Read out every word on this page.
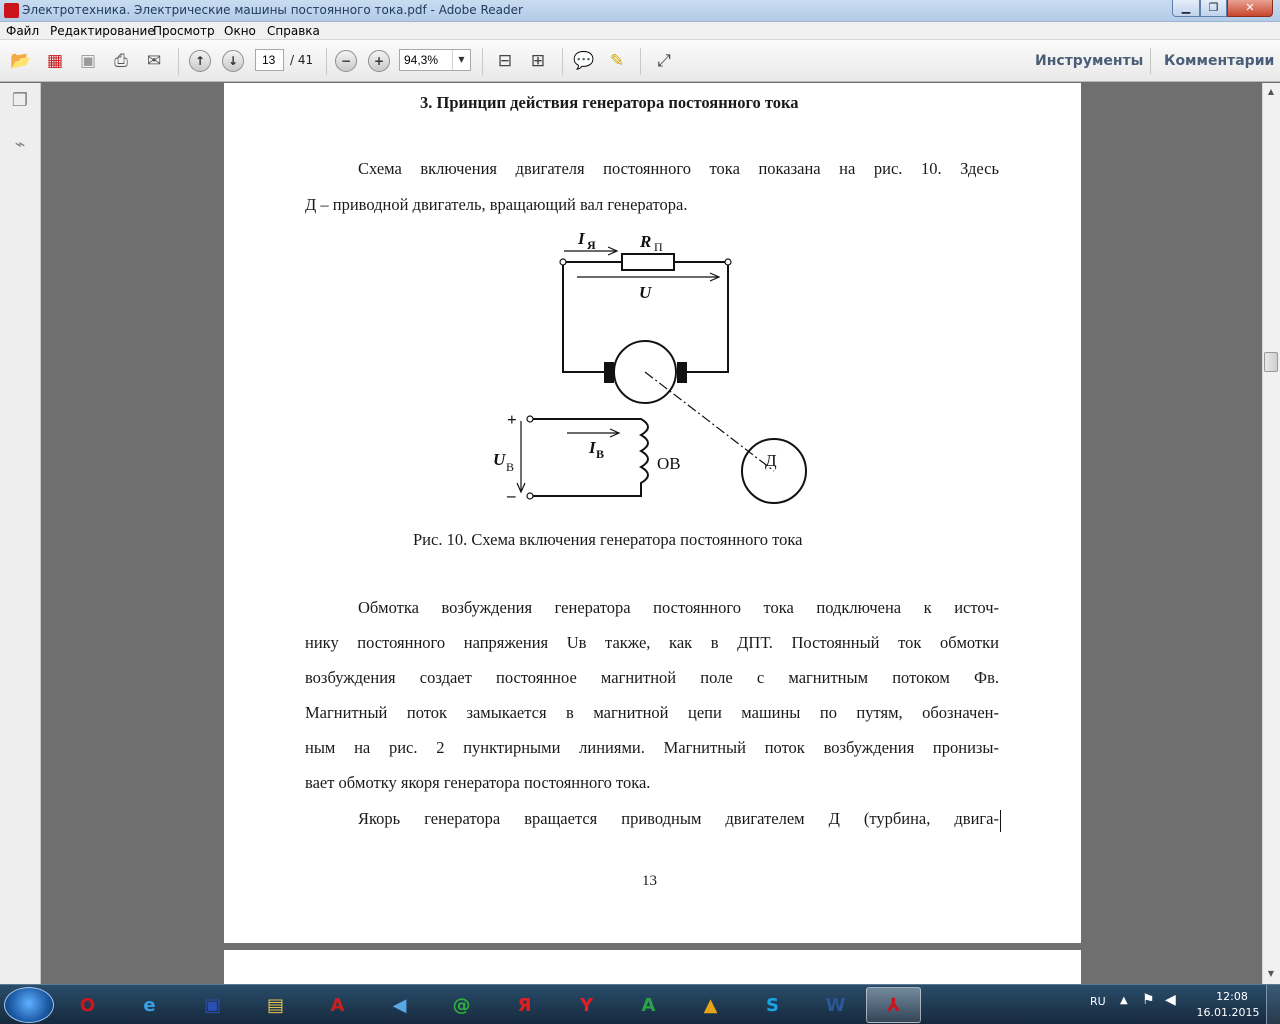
Электротехника. Электрические машины постоянного тока.pdf - Adobe Reader	▁	❐	✕
Файл Редактирование
Просмотр Окно Справка
📂 ▦ ▣	⎙	✉	↑	↓	−	+	⊟	⊞	💬 ✎	⤢
13
/ 41
94,3%	▼	Инструменты Комментарии
❐
⌁
3. Принцип действия генератора постоянного тока
Схема включения двигателя постоянного тока показана на рис. 10. Здесь
Д – приводной двигатель, вращающий вал генератора.
I	R
U
U
I
Я	П
В
В
+
–
ОВ	Д
Рис. 10. Схема включения генератора постоянного тока
Обмотка возбуждения генератора постоянного тока подключена к источ-
нику постоянного напряжения Uв также, как в ДПТ. Постоянный ток обмотки
возбуждения создает постоянное магнитной поле с магнитным потоком Фв.
Магнитный поток замыкается в магнитной цепи машины по путям, обозначен-
ным на рис. 2 пунктирными линиями. Магнитный поток возбуждения пронизы-
вает обмотку якоря генератора постоянного тока.
Якорь генератора вращается приводным двигателем Д (турбина, двига-
13
▲
▼
O	e	▣	▤	A	◀	@	Я	Y	A	▲	S	W ⅄	RU ▲ ⚑ ◀	12:08
16.01.2015
